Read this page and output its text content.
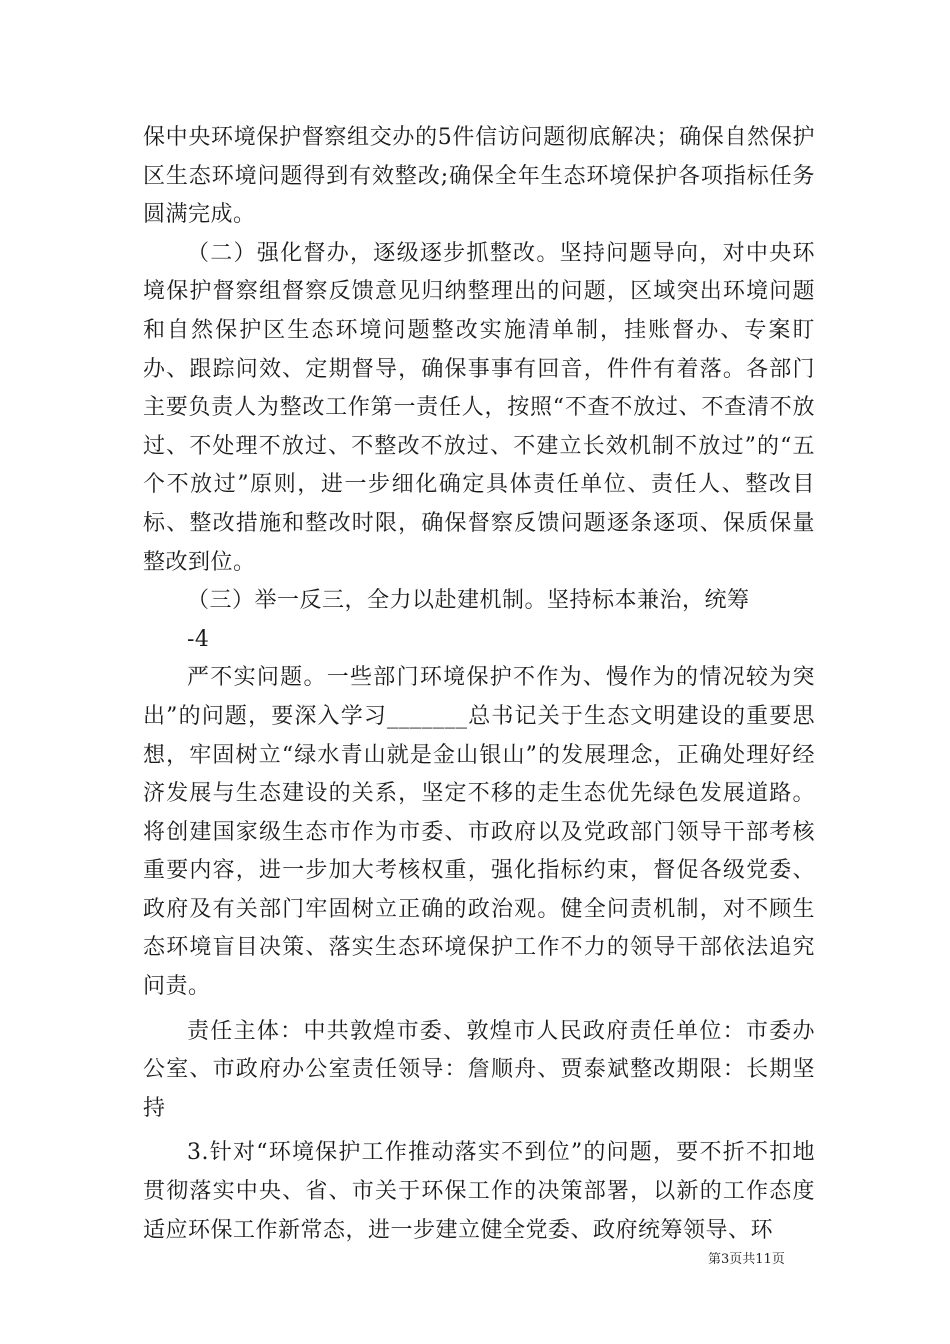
保中央环境保护督察组交办的5件信访问题彻底解决；确保自然保护区生态环境问题得到有效整改;确保全年生态环境保护各项指标任务圆满完成。

（二）强化督办，逐级逐步抓整改。坚持问题导向，对中央环境保护督察组督察反馈意见归纳整理出的问题，区域突出环境问题和自然保护区生态环境问题整改实施清单制，挂账督办、专案盯办、跟踪问效、定期督导，确保事事有回音，件件有着落。各部门主要负责人为整改工作第一责任人，按照“不查不放过、不查清不放过、不处理不放过、不整改不放过、不建立长效机制不放过”的“五个不放过”原则，进一步细化确定具体责任单位、责任人、整改目标、整改措施和整改时限，确保督察反馈问题逐条逐项、保质保量整改到位。

（三）举一反三，全力以赴建机制。坚持标本兼治，统筹

-4

严不实问题。一些部门环境保护不作为、慢作为的情况较为突出”的问题，要深入学习_______总书记关于生态文明建设的重要思想，牢固树立“绿水青山就是金山银山”的发展理念，正确处理好经济发展与生态建设的关系，坚定不移的走生态优先绿色发展道路。将创建国家级生态市作为市委、市政府以及党政部门领导干部考核重要内容，进一步加大考核权重，强化指标约束，督促各级党委、政府及有关部门牢固树立正确的政治观。健全问责机制，对不顾生态环境盲目决策、落实生态环境保护工作不力的领导干部依法追究问责。

责任主体：中共敦煌市委、敦煌市人民政府责任单位：市委办公室、市政府办公室责任领导：詹顺舟、贾泰斌整改期限：长期坚持

3.针对“环境保护工作推动落实不到位”的问题，要不折不扣地贯彻落实中央、省、市关于环保工作的决策部署，以新的工作态度适应环保工作新常态，进一步建立健全党委、政府统筹领导、环

第3页共11页
